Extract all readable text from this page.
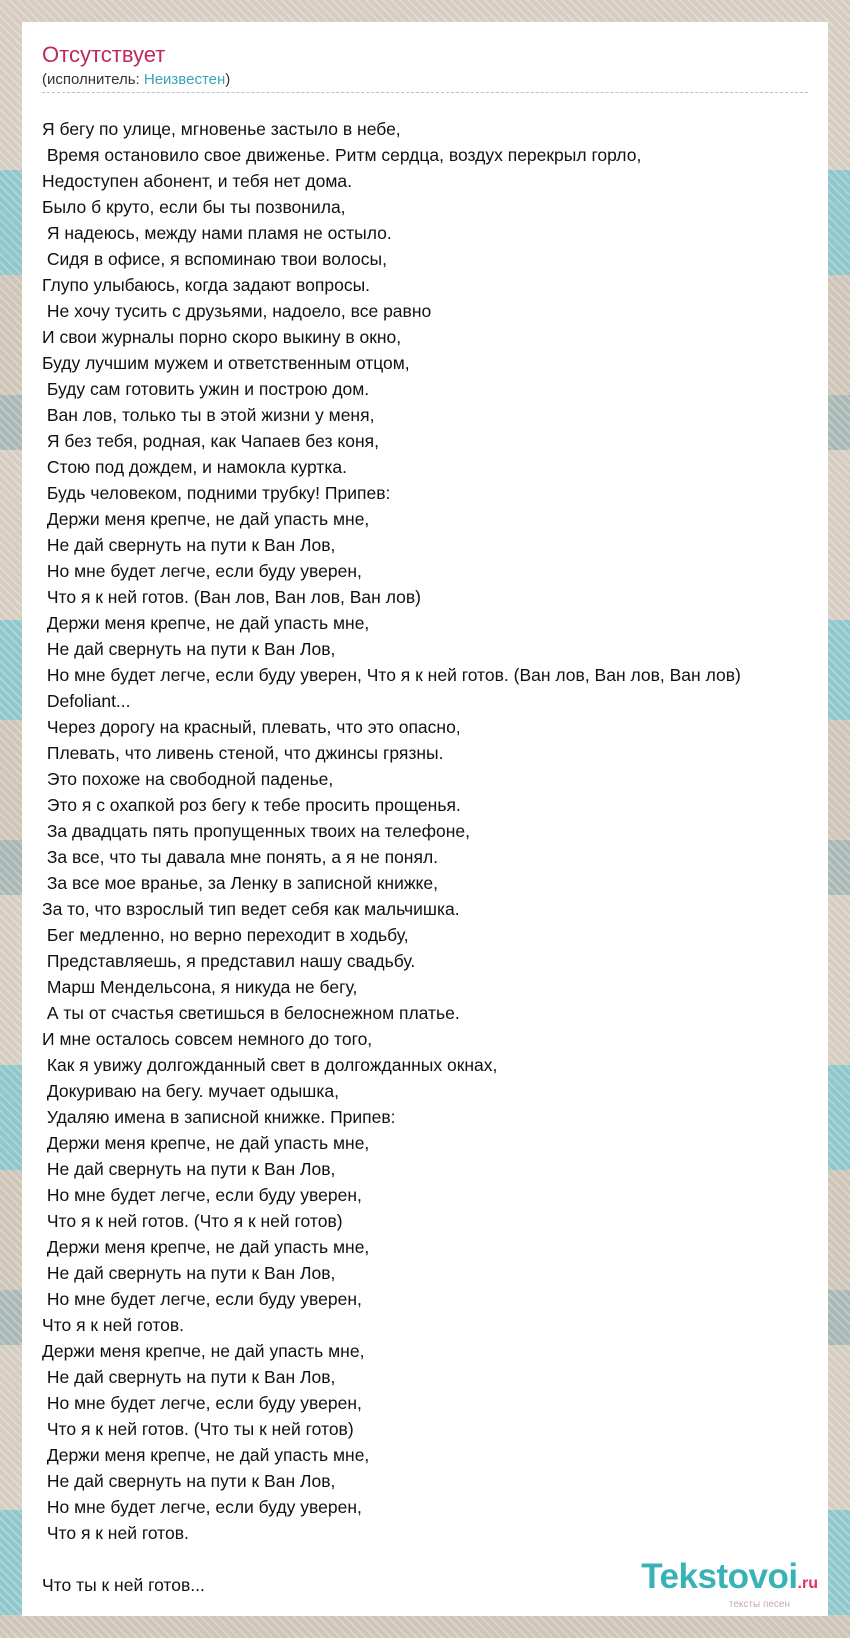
Отсутствует
(исполнитель: Неизвестен)
Я бегу по улице, мгновенье застыло в небе,
Время остановило свое движенье. Ритм сердца, воздух перекрыл горло,
Недоступен абонент, и тебя нет дома.
Было б круто, если бы ты позвонила,
Я надеюсь, между нами пламя не остыло.
Сидя в офисе, я вспоминаю твои волосы,
Глупо улыбаюсь, когда задают вопросы.
Не хочу тусить с друзьями, надоело, все равно
И свои журналы порно скоро выкину в окно,
Буду лучшим мужем и ответственным отцом,
Буду сам готовить ужин и построю дом.
Ван лов, только ты в этой жизни у меня,
Я без тебя, родная, как Чапаев без коня,
Стою под дождем, и намокла куртка.
Будь человеком, подними трубку! Припев:
Держи меня крепче, не дай упасть мне,
Не дай свернуть на пути к Ван Лов,
Но мне будет легче, если буду уверен,
Что я к ней готов. (Ван лов, Ван лов, Ван лов)
Держи меня крепче, не дай упасть мне,
Не дай свернуть на пути к Ван Лов,
Но мне будет легче, если буду уверен, Что я к ней готов. (Ван лов, Ван лов, Ван лов)
Defoliant...
Через дорогу на красный, плевать, что это опасно,
Плевать, что ливень стеной, что джинсы грязны.
Это похоже на свободной паденье,
Это я с охапкой роз бегу к тебе просить прощенья.
За двадцать пять пропущенных твоих на телефоне,
За все, что ты давала мне понять, а я не понял.
За все мое вранье, за Ленку в записной книжке,
За то, что взрослый тип ведет себя как мальчишка.
Бег медленно, но верно переходит в ходьбу,
Представляешь, я представил нашу свадьбу.
Марш Мендельсона, я никуда не бегу,
А ты от счастья светишься в белоснежном платье.
И мне осталось совсем немного до того,
Как я увижу долгожданный свет в долгожданных окнах,
Докуриваю на бегу. мучает одышка,
Удаляю имена в записной книжке. Припев:
Держи меня крепче, не дай упасть мне,
Не дай свернуть на пути к Ван Лов,
Но мне будет легче, если буду уверен,
Что я к ней готов. (Что я к ней готов)
Держи меня крепче, не дай упасть мне,
Не дай свернуть на пути к Ван Лов,
Но мне будет легче, если буду уверен,
Что я к ней готов.
Держи меня крепче, не дай упасть мне,
Не дай свернуть на пути к Ван Лов,
Но мне будет легче, если буду уверен,
Что я к ней готов. (Что ты к ней готов)
Держи меня крепче, не дай упасть мне,
Не дай свернуть на пути к Ван Лов,
Но мне будет легче, если буду уверен,
Что я к ней готов.
Что ты к ней готов...	Tekstovoi.ru
тексты песен
